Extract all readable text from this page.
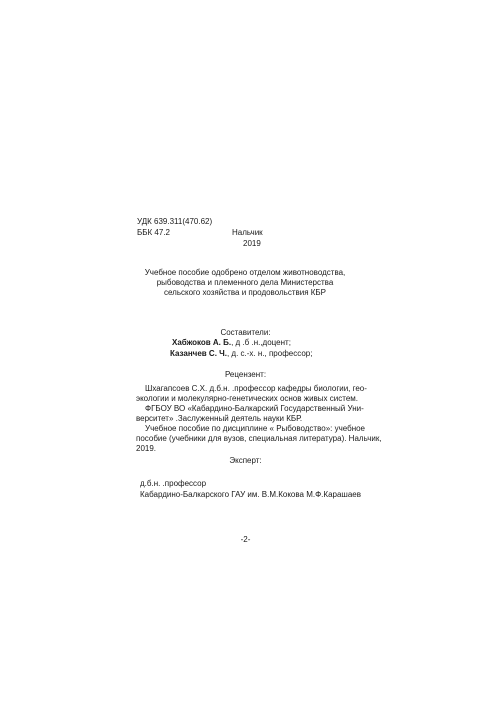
УДК 639.311(470.62)
ББК 47.2	Нальчик
2019
Учебное пособие одобрено отделом животноводства,
рыбоводства и племенного дела Министерства
сельского хозяйства и продовольствия КБР
Составители:
Хабжоков А. Б., д .б .н.,доцент;
Казанчев С. Ч., д. с.-х. н., профессор;
Рецензент:
Шхагапсоев С.Х. д.б.н. .профессор кафедры биологии, гео-
экологии и молекулярно-генетических основ живых систем.
ФГБОУ ВО «Кабардино-Балкарский Государственный Уни-
верситет» .Заслуженный деятель науки КБР.
Учебное пособие по дисциплине « Рыбоводство»: учебное
пособие (учебники для вузов, специальная литература). Нальчик,
2019.
Эксперт:
д.б.н. .профессор
Кабардино-Балкарского ГАУ им. В.М.Кокова М.Ф.Карашаев
-2-
